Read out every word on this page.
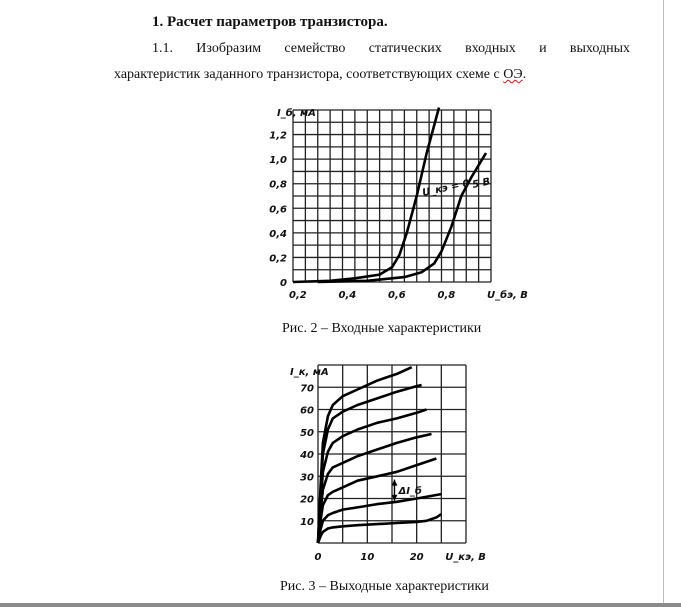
1. Расчет параметров транзистора.
1.1. Изобразим семейство статических входных и выходных
характеристик заданного транзистора, соответствующих схеме с ОЭ.
I_б, мА
0
0,2
0,4
0,6
0,8
1,0
1,2
0,2	0,4	0,6	0,8	U_бэ, В
U_кэ = 0 5 В
Рис. 2 – Входные характеристики
I_к, мА
10
20
30
40
50
60
70
0	10	20 U_кэ, В
ΔI_б
Рис. 3 – Выходные характеристики
